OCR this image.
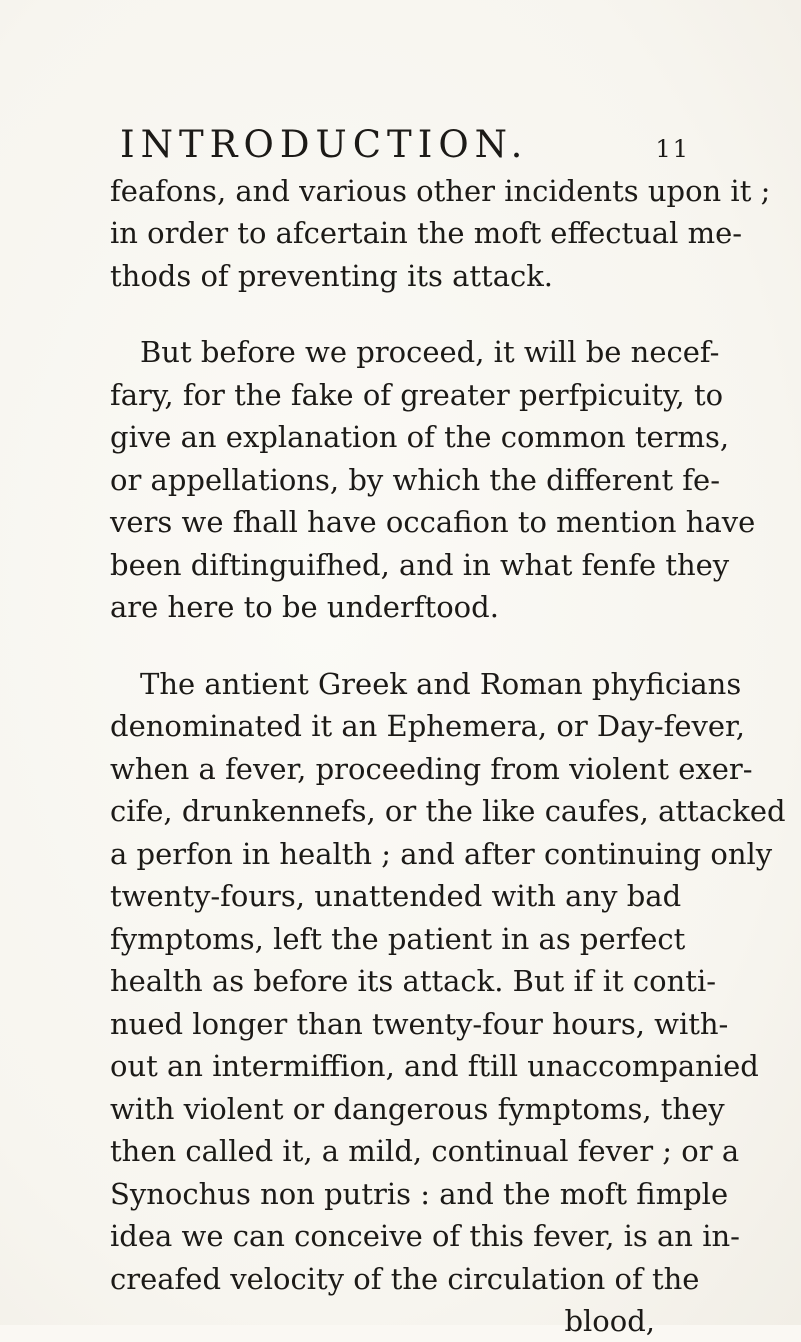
INTRODUCTION.	11
feafons, and various other incidents upon it ;
in order to afcertain the moft effectual me-
thods of preventing its attack.
But before we proceed, it will be necef-
fary, for the fake of greater perfpicuity, to
give an explanation of the common terms,
or appellations, by which the different fe-
vers we fhall have occafion to mention have
been diftinguifhed, and in what fenfe they
are here to be underftood.
The antient Greek and Roman phyficians
denominated it an Ephemera, or Day-fever,
when a fever, proceeding from violent exer-
cife, drunkennefs, or the like caufes, attacked
a perfon in health ; and after continuing only
twenty-fours, unattended with any bad
fymptoms, left the patient in as perfect
health as before its attack. But if it conti-
nued longer than twenty-four hours, with-
out an intermiffion, and ftill unaccompanied
with violent or dangerous fymptoms, they
then called it, a mild, continual fever ; or a
Synochus non putris : and the moft fimple
idea we can conceive of this fever, is an in-
creafed velocity of the circulation of the
blood,
